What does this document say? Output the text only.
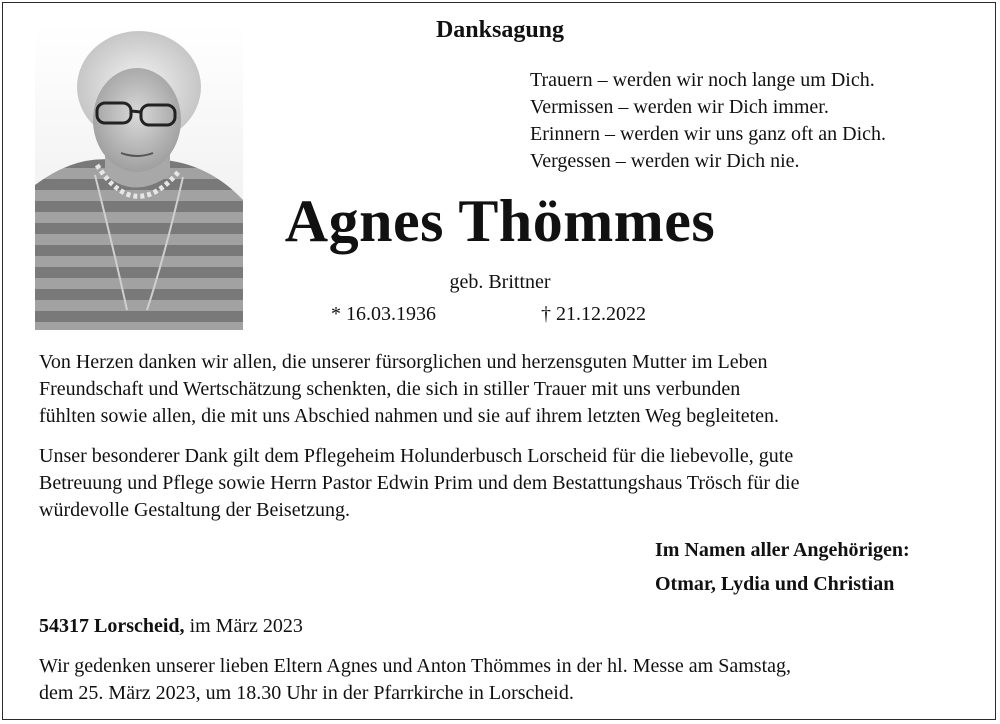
Danksagung
Trauern – werden wir noch lange um Dich.
Vermissen – werden wir Dich immer.
Erinnern – werden wir uns ganz oft an Dich.
Vergessen – werden wir Dich nie.
Agnes Thömmes
geb. Brittner
* 16.03.1936	† 21.12.2022
Von Herzen danken wir allen, die unserer fürsorglichen und herzensguten Mutter im Leben
Freundschaft und Wertschätzung schenkten, die sich in stiller Trauer mit uns verbunden
fühlten sowie allen, die mit uns Abschied nahmen und sie auf ihrem letzten Weg begleiteten.
Unser besonderer Dank gilt dem Pflegeheim Holunderbusch Lorscheid für die liebevolle, gute
Betreuung und Pflege sowie Herrn Pastor Edwin Prim und dem Bestattungshaus Trösch für die
würdevolle Gestaltung der Beisetzung.
Im Namen aller Angehörigen:
Otmar, Lydia und Christian
54317 Lorscheid, im März 2023
Wir gedenken unserer lieben Eltern Agnes und Anton Thömmes in der hl. Messe am Samstag,
dem 25. März 2023, um 18.30 Uhr in der Pfarrkirche in Lorscheid.
